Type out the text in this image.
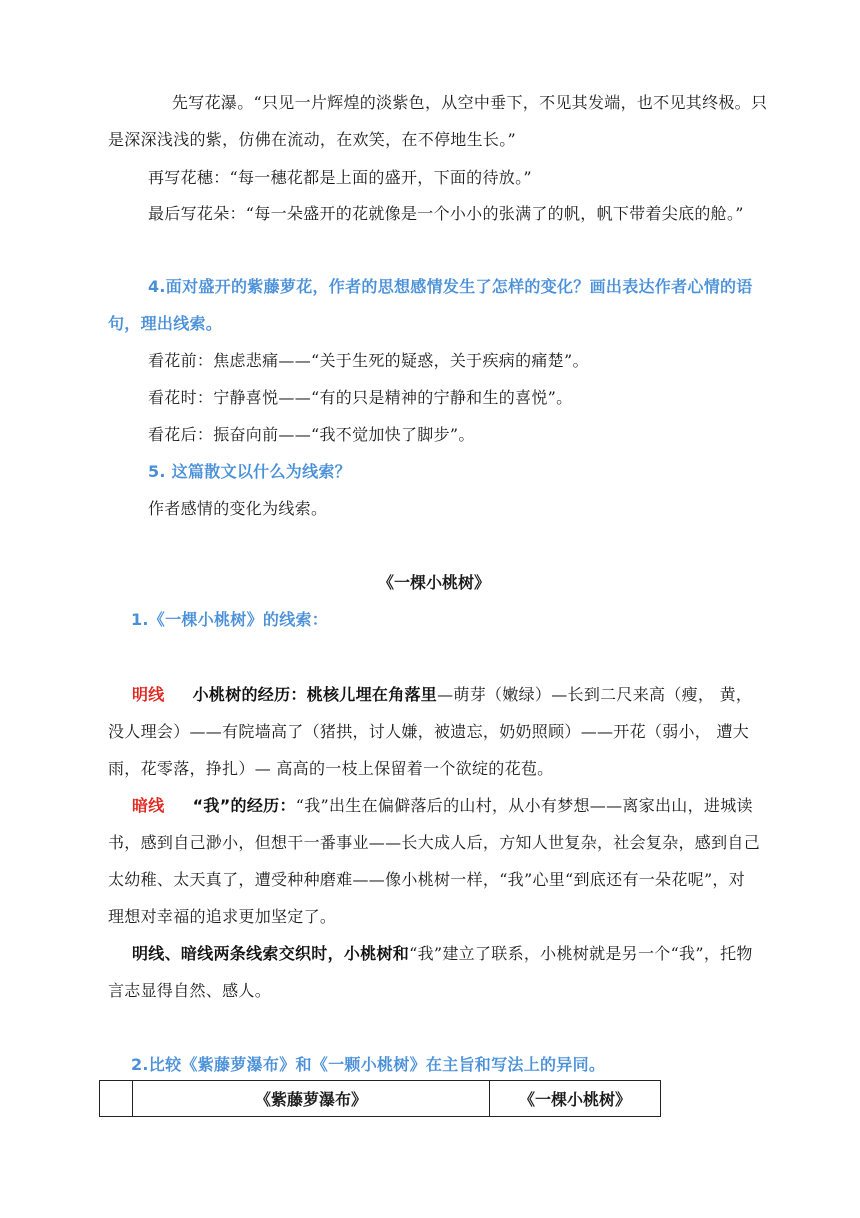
先写花瀑。“只见一片辉煌的淡紫色，从空中垂下，不见其发端，也不见其终极。只是深深浅浅的紫，仿佛在流动，在欢笑，在不停地生长。”

再写花穗：“每一穗花都是上面的盛开，下面的待放。”

最后写花朵：“每一朵盛开的花就像是一个小小的张满了的帆，帆下带着尖底的舱。”

4.面对盛开的紫藤萝花，作者的思想感情发生了怎样的变化？画出表达作者心情的语句，理出线索。

看花前：焦虑悲痛——“关于生死的疑惑，关于疾病的痛楚”。

看花时：宁静喜悦——“有的只是精神的宁静和生的喜悦”。

看花后：振奋向前——“我不觉加快了脚步”。

5. 这篇散文以什么为线索？

作者感情的变化为线索。

《一棵小桃树》

1.《一棵小桃树》的线索：

明线 小桃树的经历：桃核儿埋在角落里—萌芽（嫩绿）—长到二尺来高（瘦， 黄，没人理会）——有院墙高了（猪拱，讨人嫌，被遗忘，奶奶照顾）——开花（弱小， 遭大雨，花零落，挣扎）— 高高的一枝上保留着一个欲绽的花苞。

暗线 “我”的经历：“我”出生在偏僻落后的山村，从小有梦想——离家出山，进城读书，感到自己渺小，但想干一番事业——长大成人后，方知人世复杂，社会复杂，感到自己太幼稚、太天真了，遭受种种磨难——像小桃树一样，“我”心里“到底还有一朵花呢”，对理想对幸福的追求更加坚定了。

明线、暗线两条线索交织时，小桃树和“我”建立了联系，小桃树就是另一个“我”，托物言志显得自然、感人。

2.比较《紫藤萝瀑布》和《一颗小桃树》在主旨和写法上的异同。

	《紫藤萝瀑布》	《一棵小桃树》
